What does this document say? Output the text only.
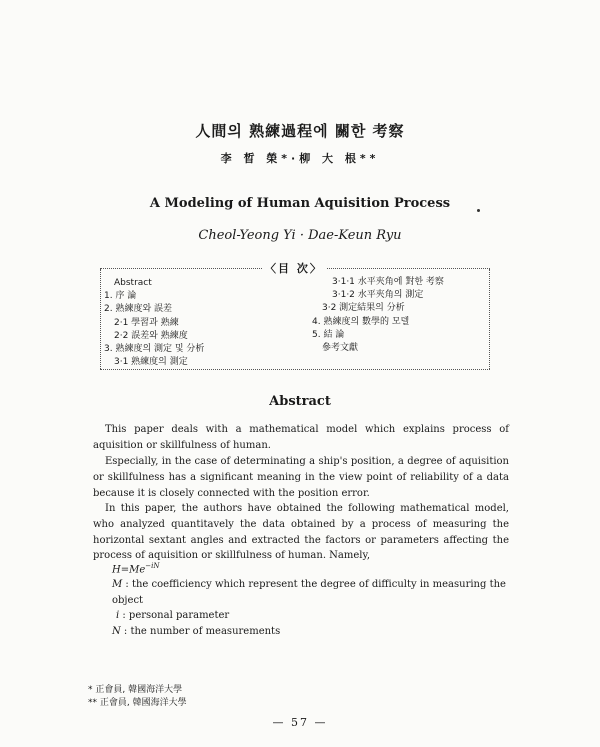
人間의 熟練過程에 關한 考察
李 晳 榮*·柳 大 根**
A Modeling of Human Aquisition Process
Cheol-Yeong Yi · Dae-Keun Ryu
〈目 次〉
Abstract
1. 序 論
2. 熟練度와 誤差
2·1 學習과 熟練
2·2 誤差와 熟練度
3. 熟練度의 測定 및 分析
3·1 熟練度의 測定
3·1·1 水平夾角에 對한 考察
3·1·2 水平夾角의 測定
3·2 測定結果의 分析
4. 熟練度의 數學的 모델
5. 結 論
參考文獻
Abstract
This paper deals with a mathematical model which explains process of aquisition or skillfulness of human.
Especially, in the case of determinating a ship's position, a degree of aquisition or skillfulness has a significant meaning in the view point of reliability of a data because it is closely connected with the position error.
In this paper, the authors have obtained the following mathematical model, who analyzed quantitavely the data obtained by a process of measuring the horizontal sextant angles and extracted the factors or parameters affecting the process of aquisition or skillfulness of human. Namely,
$H=Me^{-iN}$
M : the coefficiency which represent the degree of difficulty in measuring the object
i : personal parameter
N : the number of measurements
* 正會員, 韓國海洋大學
** 正會員, 韓國海洋大學
— 57 —
